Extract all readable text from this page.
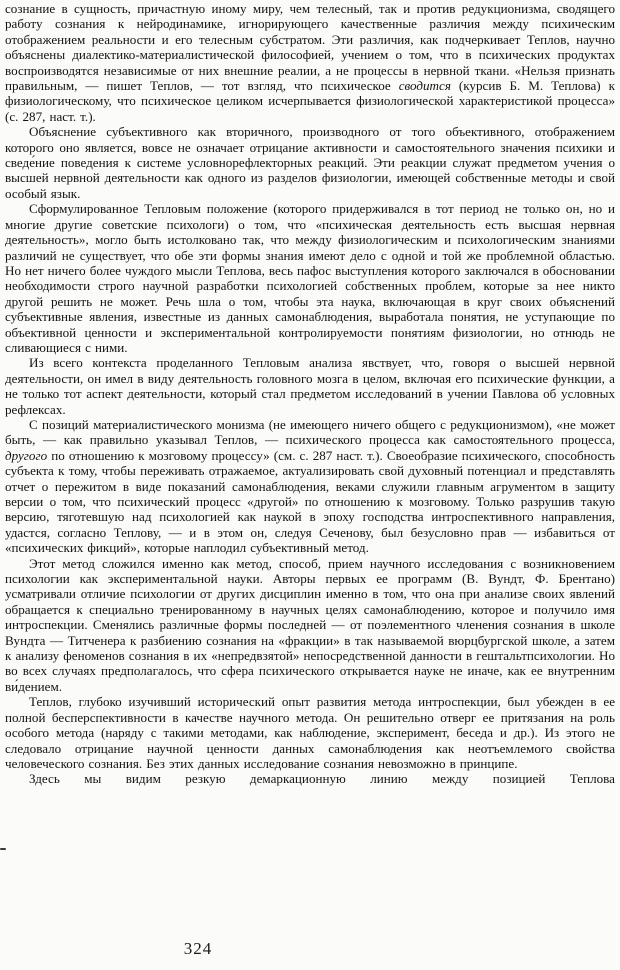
сознание в сущность, причастную иному миру, чем телесный, так и против редукционизма, сводящего работу сознания к нейродинамике, игнорирующего качественные различия между психическим отображением реальности и его телесным субстратом. Эти различия, как подчеркивает Теплов, научно объяснены диалектико-материалистической философией, учением о том, что в психических продуктах воспроизводятся независимые от них внешние реалии, а не процессы в нервной ткани. «Нельзя признать правильным, — пишет Теплов, — тот взгляд, что психическое сводится (курсив Б. М. Теплова) к физиологическому, что психическое целиком исчерпывается физиологической характеристикой процесса» (с. 287, наст. т.).

Объяснение субъективного как вторичного, производного от того объективного, отображением которого оно является, вовсе не означает отрицание активности и самостоятельного значения психики и сведе́ние поведения к системе условнорефлекторных реакций. Эти реакции служат предметом учения о высшей нервной деятельности как одного из разделов физиологии, имеющей собственные методы и свой особый язык.

Сформулированное Тепловым положение (которого придерживался в тот период не только он, но и многие другие советские психологи) о том, что «психическая деятельность есть высшая нервная деятельность», могло быть истолковано так, что между физиологическим и психологическим знаниями различий не существует, что обе эти формы знания имеют дело с одной и той же проблемной областью. Но нет ничего более чуждого мысли Теплова, весь пафос выступления которого заключался в обосновании необходимости строго научной разработки психологией собственных проблем, которые за нее никто другой решить не может. Речь шла о том, чтобы эта наука, включающая в круг своих объяснений субъективные явления, известные из данных самонаблюдения, выработала понятия, не уступающие по объективной ценности и экспериментальной контролируемости понятиям физиологии, но отнюдь не сливающиеся с ними.

Из всего контекста проделанного Тепловым анализа явствует, что, говоря о высшей нервной деятельности, он имел в виду деятельность головного мозга в целом, включая его психические функции, а не только тот аспект деятельности, который стал предметом исследований в учении Павлова об условных рефлексах.

С позиций материалистического монизма (не имеющего ничего общего с редукционизмом), «не может быть, — как правильно указывал Теплов, — психического процесса как самостоятельного процесса, другого по отношению к мозговому процессу» (см. с. 287 наст. т.). Своеобразие психического, способность субъекта к тому, чтобы переживать отражаемое, актуализировать свой духовный потенциал и представлять отчет о пережитом в виде показаний самонаблюдения, веками служили главным агрументом в защиту версии о том, что психический процесс «другой» по отношению к мозговому. Только разрушив такую версию, тяготевшую над психологией как наукой в эпоху господства интроспективного направления, удастся, согласно Теплову, — и в этом он, следуя Сеченову, был безусловно прав — избавиться от «психических фикций», которые наплодил субъективный метод.

Этот метод сложился именно как метод, способ, прием научного исследования с возникновением психологии как экспериментальной науки. Авторы первых ее программ (В. Вундт, Ф. Брентано) усматривали отличие психологии от других дисциплин именно в том, что она при анализе своих явлений обращается к специально тренированному в научных целях самонаблюдению, которое и получило имя интроспекции. Сменялись различные формы последней — от поэлементного членения сознания в школе Вундта — Титченера к разбиению сознания на «фракции» в так называемой вюрцбургской школе, а затем к анализу феноменов сознания в их «непредвзятой» непосредственной данности в гештальтпсихологии. Но во всех случаях предполагалось, что сфера психического открывается науке не иначе, как ее внутренним ви́дением.

Теплов, глубоко изучивший исторический опыт развития метода интроспекции, был убежден в ее полной бесперспективности в качестве научного метода. Он решительно отверг ее притязания на роль особого метода (наряду с такими методами, как наблюдение, эксперимент, беседа и др.). Из этого не следовало отрицание научной ценности данных самонаблюдения как неотъемлемого свойства человеческого сознания. Без этих данных исследование сознания невозможно в принципе.

Здесь мы видим резкую демаркационную линию между позицией Теплова

324
